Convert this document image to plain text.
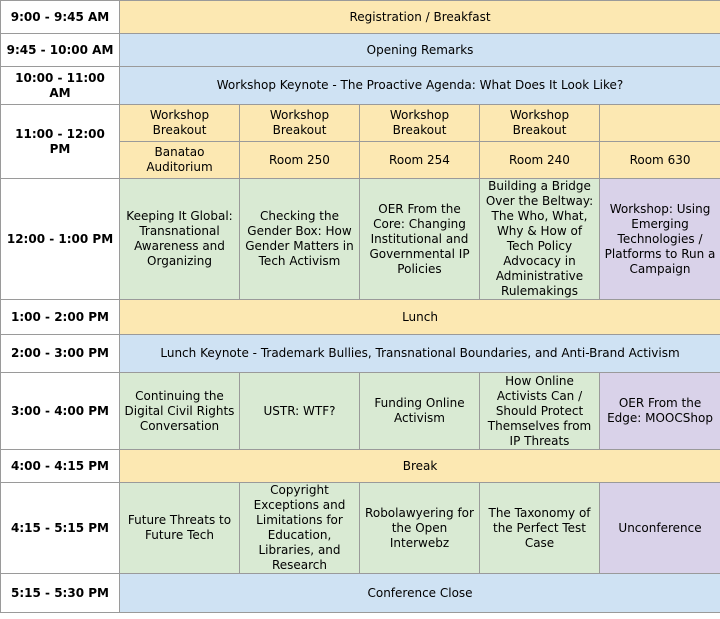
9:00 - 9:45 AM	Registration / Breakfast				
9:45 - 10:00 AM	Opening Remarks				
10:00 - 11:00 AM	Workshop Keynote - The Proactive Agenda: What Does It Look Like?				
11:00 - 12:00 PM	Workshop Breakout	Workshop Breakout	Workshop Breakout	Workshop Breakout	
	Banatao Auditorium	Room 250	Room 254	Room 240	Room 630
12:00 - 1:00 PM	Keeping It Global: Transnational Awareness and Organizing	Checking the Gender Box: How Gender Matters in Tech Activism	OER From the Core: Changing Institutional and Governmental IP Policies	Building a Bridge Over the Beltway: The Who, What, Why & How of Tech Policy Advocacy in Administrative Rulemakings	Workshop: Using Emerging Technologies / Platforms to Run a Campaign
1:00 - 2:00 PM	Lunch				
2:00 - 3:00 PM	Lunch Keynote - Trademark Bullies, Transnational Boundaries, and Anti-Brand Activism				
3:00 - 4:00 PM	Continuing the Digital Civil Rights Conversation	USTR: WTF?	Funding Online Activism	How Online Activists Can / Should Protect Themselves from IP Threats	OER From the Edge: MOOCShop
4:00 - 4:15 PM	Break				
4:15 - 5:15 PM	Future Threats to Future Tech	Copyright Exceptions and Limitations for Education, Libraries, and Research	Robolawyering for the Open Interwebz	The Taxonomy of the Perfect Test Case	Unconference
5:15 - 5:30 PM	Conference Close				
